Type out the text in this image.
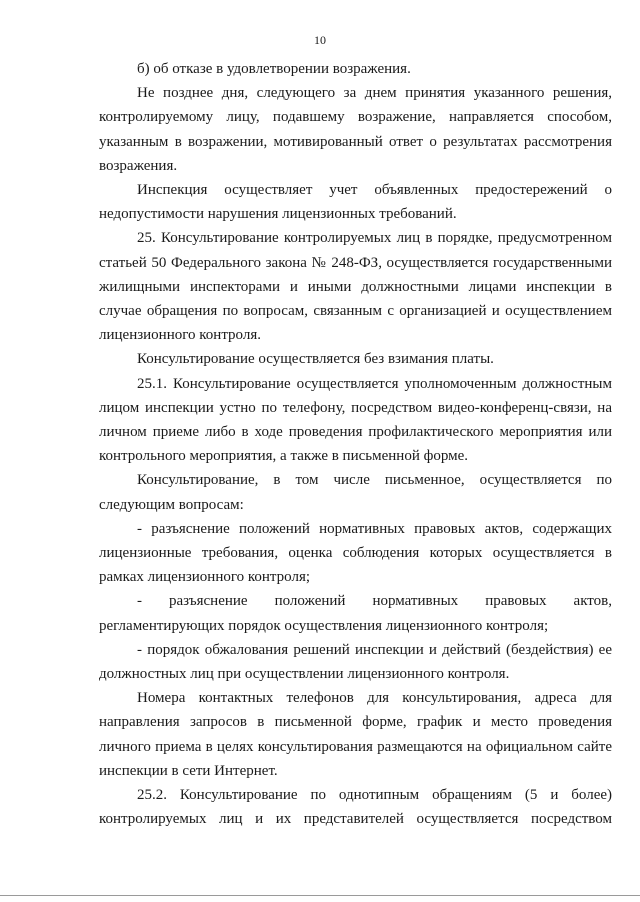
10

б) об отказе в удовлетворении возражения.

Не позднее дня, следующего за днем принятия указанного решения, контролируемому лицу, подавшему возражение, направляется способом, указанным в возражении, мотивированный ответ о результатах рассмотрения возражения.

Инспекция осуществляет учет объявленных предостережений о недопустимости нарушения лицензионных требований.

25. Консультирование контролируемых лиц в порядке, предусмотренном статьей 50 Федерального закона № 248-ФЗ, осуществляется государственными жилищными инспекторами и иными должностными лицами инспекции в случае обращения по вопросам, связанным с организацией и осуществлением лицензионного контроля.

Консультирование осуществляется без взимания платы.

25.1. Консультирование осуществляется уполномоченным должностным лицом инспекции устно по телефону, посредством видео-конференц-связи, на личном приеме либо в ходе проведения профилактического мероприятия или контрольного мероприятия, а также в письменной форме.

Консультирование, в том числе письменное, осуществляется по следующим вопросам:

- разъяснение положений нормативных правовых актов, содержащих лицензионные требования, оценка соблюдения которых осуществляется в рамках лицензионного контроля;

- разъяснение положений нормативных правовых актов, регламентирующих порядок осуществления лицензионного контроля;

- порядок обжалования решений инспекции и действий (бездействия) ее должностных лиц при осуществлении лицензионного контроля.

Номера контактных телефонов для консультирования, адреса для направления запросов в письменной форме, график и место проведения личного приема в целях консультирования размещаются на официальном сайте инспекции в сети Интернет.

25.2. Консультирование по однотипным обращениям (5 и более) контролируемых лиц и их представителей осуществляется посредством
